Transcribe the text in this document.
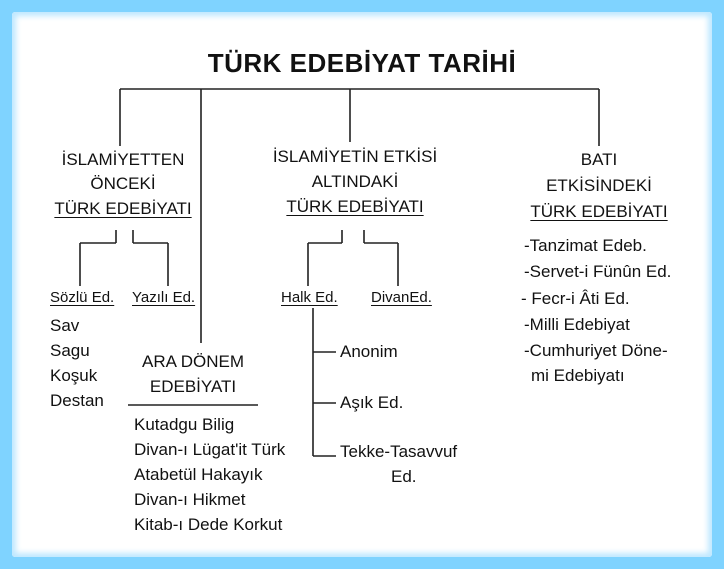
TÜRK EDEBİYAT TARİHİ
İSLAMİYETTEN
ÖNCEKİ
TÜRK EDEBİYATI
Sözlü Ed. Yazılı Ed.
Sav
Sagu
Koşuk
Destan
ARA DÖNEM
EDEBİYATI
Kutadgu Bilig
Divan-ı Lügat'it Türk
Atabetül Hakayık
Divan-ı Hikmet
Kitab-ı Dede Korkut
İSLAMİYETİN ETKİSİ
ALTINDAKİ
TÜRK EDEBİYATI
Halk Ed. DivanEd.
Anonim
Aşık Ed.
Tekke-Tasavvuf
Ed.
BATI
ETKİSİNDEKİ
TÜRK EDEBİYATI
-Tanzimat Edeb.
-Servet-i Fünûn Ed.
- Fecr-i Âti Ed.
-Milli Edebiyat
-Cumhuriyet Döne-
mi Edebiyatı
